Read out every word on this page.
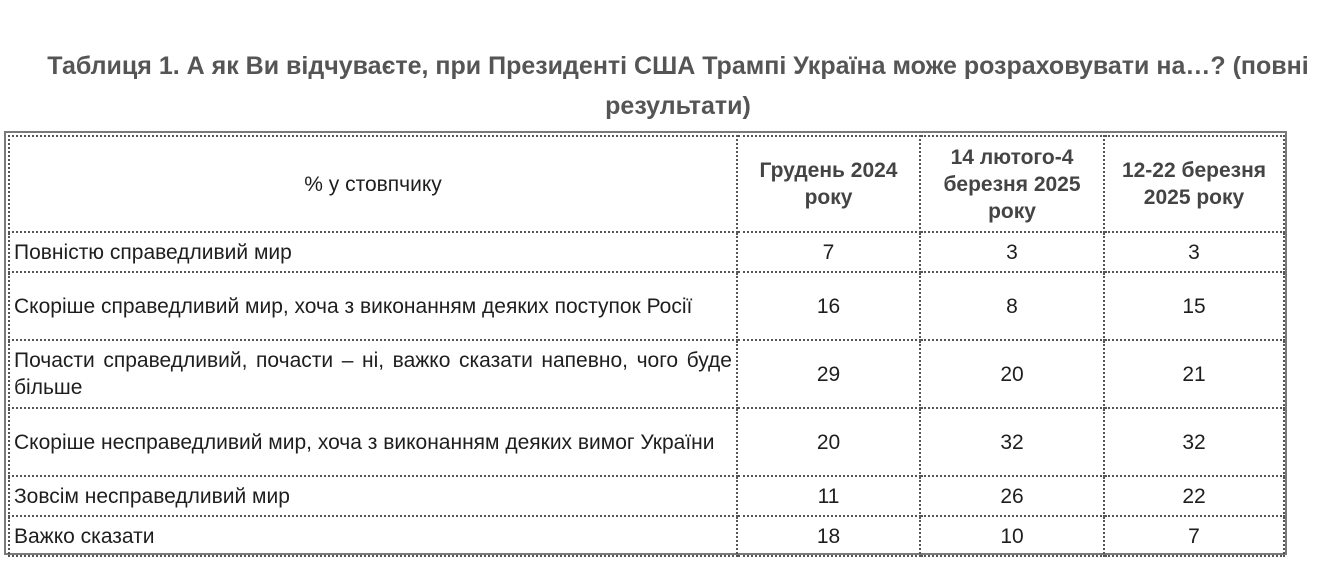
Таблиця 1. А як Ви відчуваєте, при Президенті США Трампі Україна може розраховувати на…? (повні результати)
% у стовпчику	Грудень 2024 року	14 лютого-4 березня 2025 року	12-22 березня 2025 року
Повністю справедливий мир	7	3	3
Скоріше справедливий мир, хоча з виконанням деяких поступок Росії	16	8	15
Почасти справедливий, почасти – ні, важко сказати напевно, чого буде більше	29	20	21
Скоріше несправедливий мир, хоча з виконанням деяких вимог України	20	32	32
Зовсім несправедливий мир	11	26	22
Важко сказати	18	10	7
